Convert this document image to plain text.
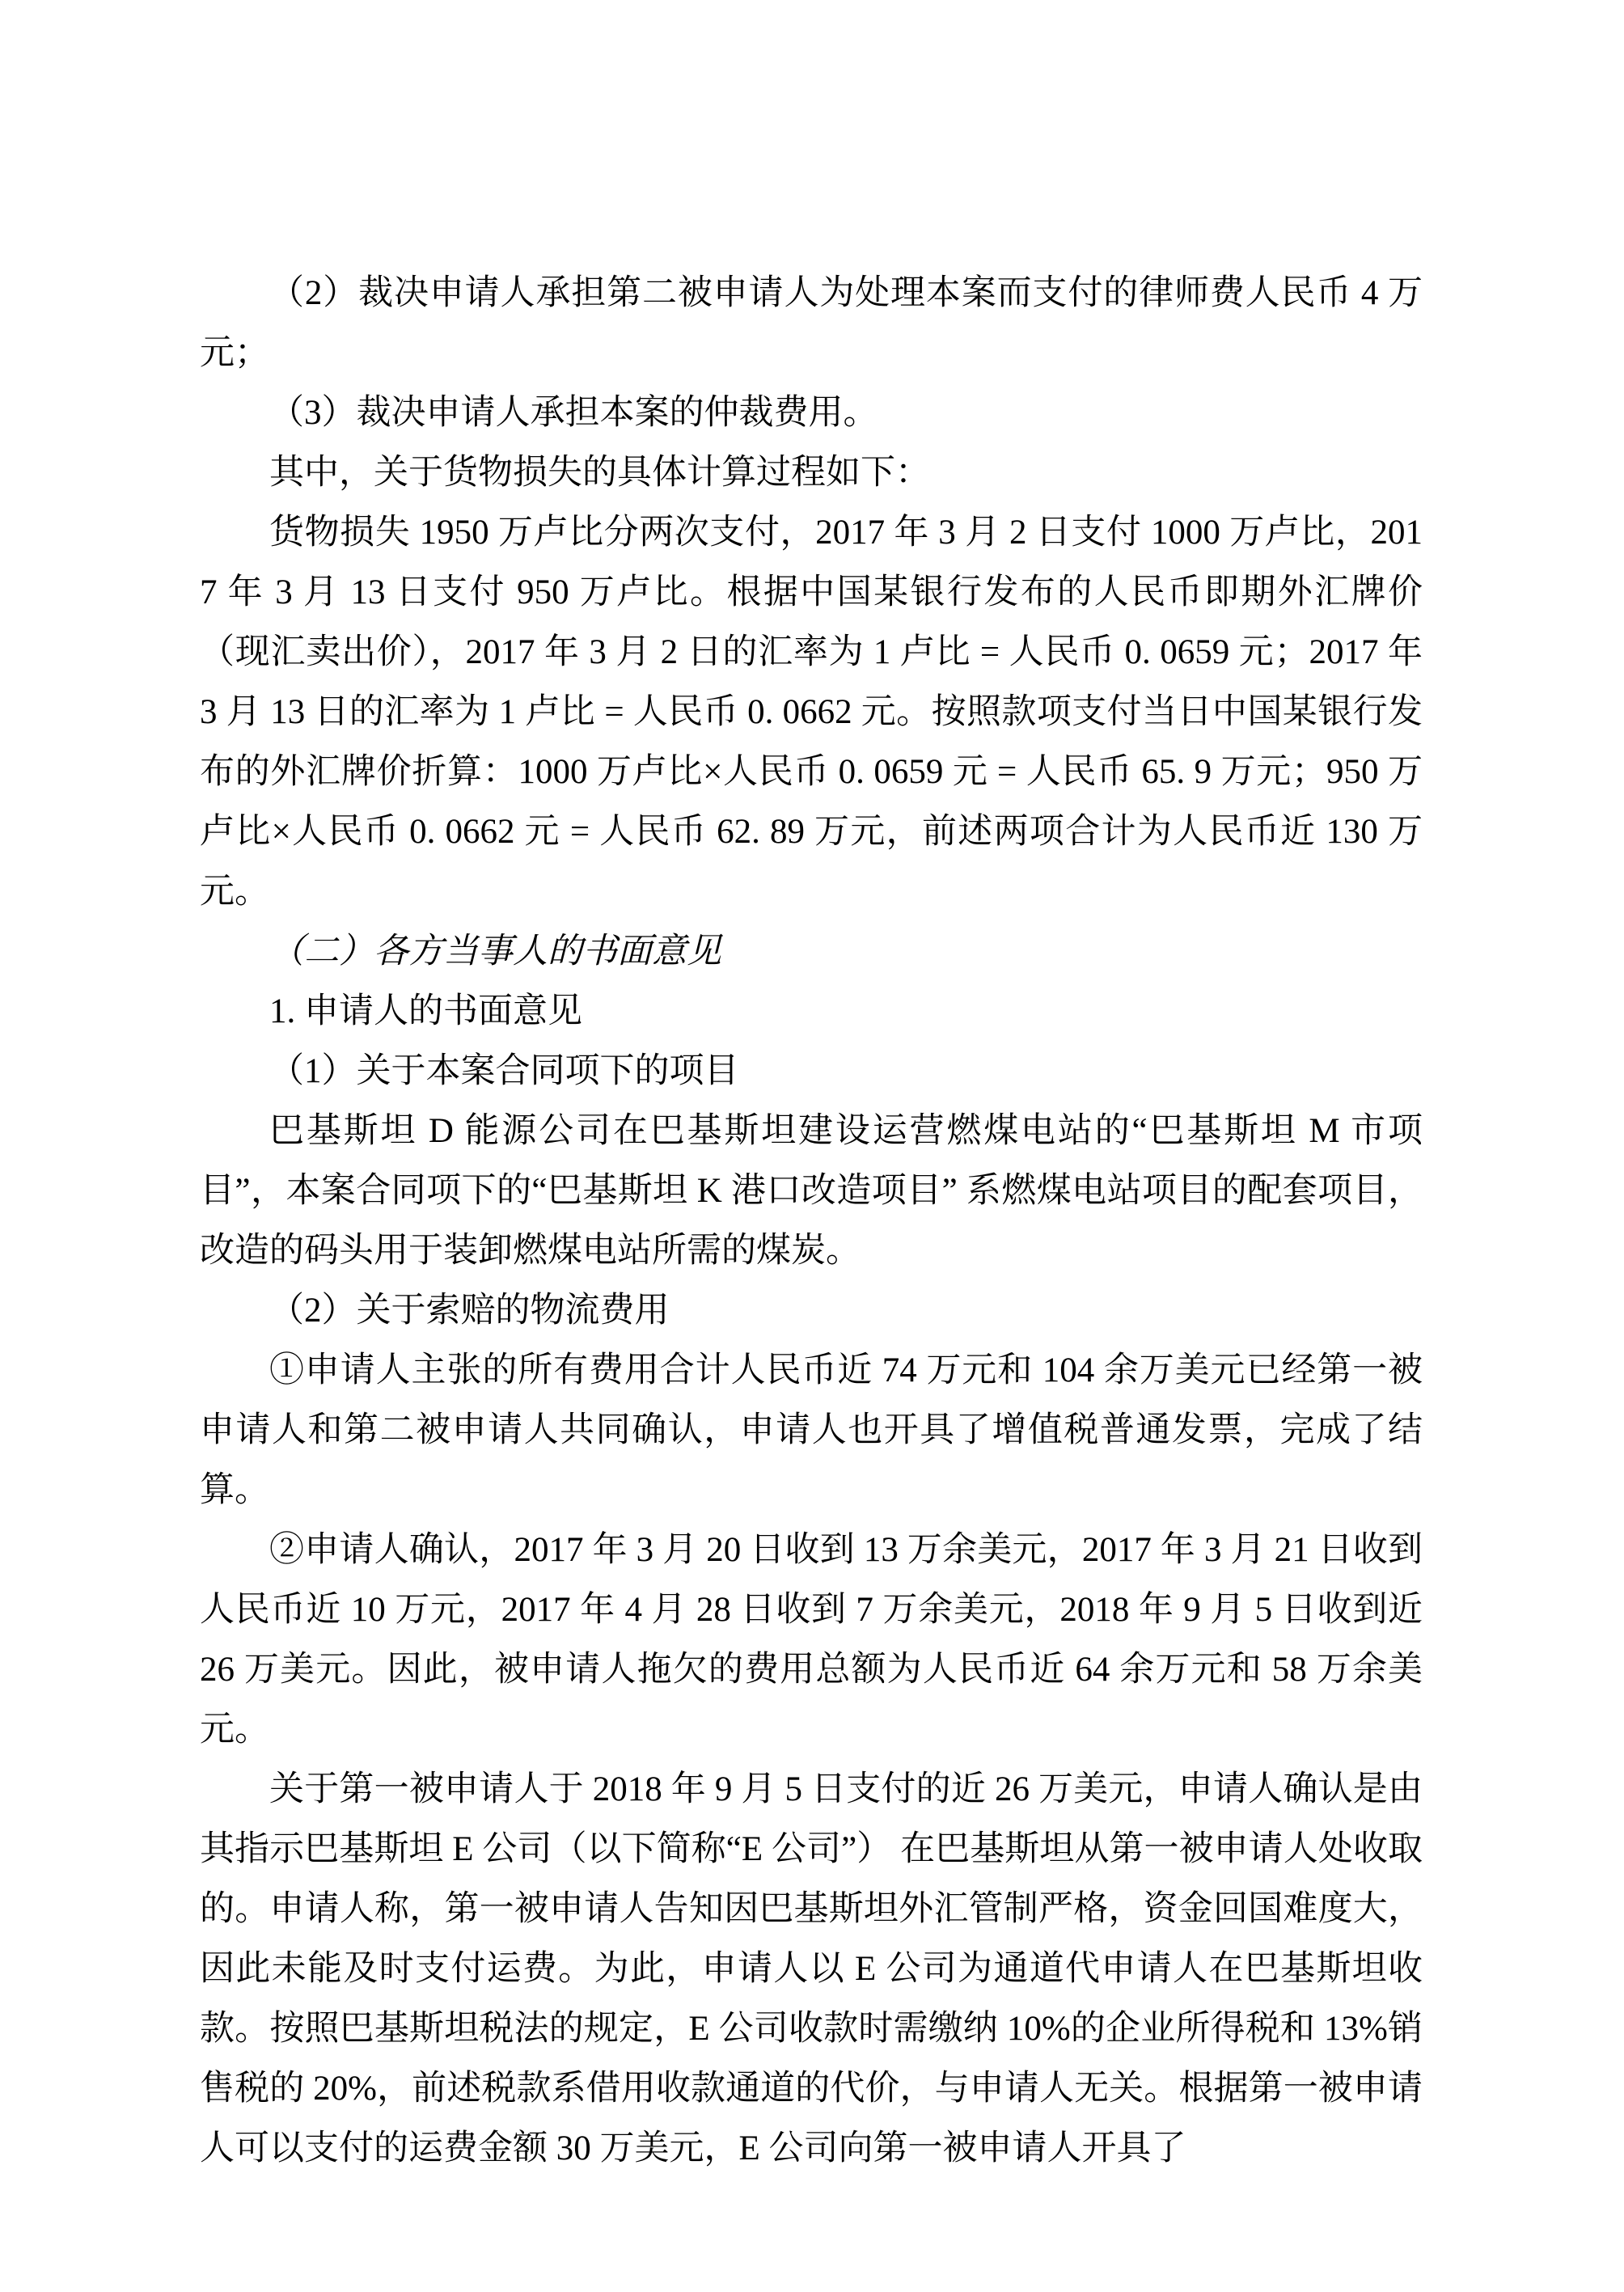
（2）裁决申请人承担第二被申请人为处理本案而支付的律师费人民币 4 万元；

（3）裁决申请人承担本案的仲裁费用。

其中，关于货物损失的具体计算过程如下：

货物损失 1950 万卢比分两次支付，2017 年 3 月 2 日支付 1000 万卢比，2017 年 3 月 13 日支付 950 万卢比。根据中国某银行发布的人民币即期外汇牌价（现汇卖出价），2017 年 3 月 2 日的汇率为 1 卢比 = 人民币 0. 0659 元；2017 年 3 月 13 日的汇率为 1 卢比 = 人民币 0. 0662 元。按照款项支付当日中国某银行发布的外汇牌价折算：1000 万卢比×人民币 0. 0659 元 = 人民币 65. 9 万元；950 万卢比×人民币 0. 0662 元 = 人民币 62. 89 万元，前述两项合计为人民币近 130 万元。

（二）各方当事人的书面意见

1. 申请人的书面意见

（1）关于本案合同项下的项目

巴基斯坦 D 能源公司在巴基斯坦建设运营燃煤电站的“巴基斯坦 M 市项目”，本案合同项下的“巴基斯坦 K 港口改造项目” 系燃煤电站项目的配套项目，改造的码头用于装卸燃煤电站所需的煤炭。

（2）关于索赔的物流费用

①申请人主张的所有费用合计人民币近 74 万元和 104 余万美元已经第一被申请人和第二被申请人共同确认，申请人也开具了增值税普通发票，完成了结算。

②申请人确认，2017 年 3 月 20 日收到 13 万余美元，2017 年 3 月 21 日收到人民币近 10 万元，2017 年 4 月 28 日收到 7 万余美元，2018 年 9 月 5 日收到近 26 万美元。因此，被申请人拖欠的费用总额为人民币近 64 余万元和 58 万余美元。

关于第一被申请人于 2018 年 9 月 5 日支付的近 26 万美元，申请人确认是由其指示巴基斯坦 E 公司（以下简称“E 公司”） 在巴基斯坦从第一被申请人处收取的。申请人称，第一被申请人告知因巴基斯坦外汇管制严格，资金回国难度大，因此未能及时支付运费。为此，申请人以 E 公司为通道代申请人在巴基斯坦收款。按照巴基斯坦税法的规定，E 公司收款时需缴纳 10%的企业所得税和 13%销售税的 20%，前述税款系借用收款通道的代价，与申请人无关。根据第一被申请人可以支付的运费金额 30 万美元，E 公司向第一被申请人开具了
